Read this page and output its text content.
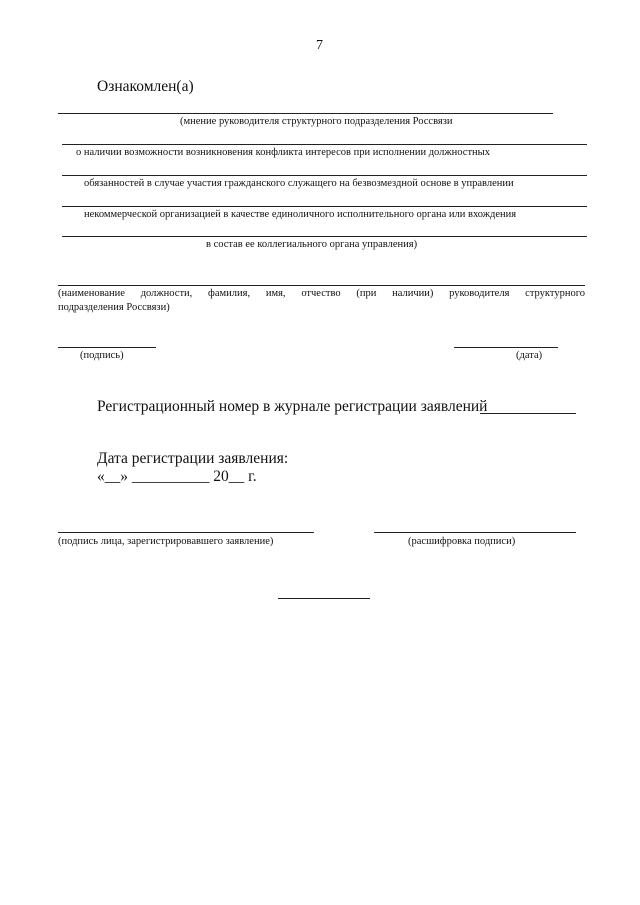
7
Ознакомлен(а)
(мнение руководителя структурного подразделения Россвязи
о наличии возможности возникновения конфликта интересов при исполнении должностных
обязанностей в случае участия гражданского служащего на безвозмездной основе в управлении
некоммерческой организацией в качестве единоличного исполнительного органа или вхождения
в состав ее коллегиального органа управления)
(наименование должности, фамилия, имя, отчество (при наличии) руководителя структурного
подразделения Россвязи)
(подпись)	(дата)
Регистрационный номер в журнале регистрации заявлений
Дата регистрации заявления:
«__» __________ 20__ г.
(подпись лица, зарегистрировавшего заявление)	(расшифровка подписи)
